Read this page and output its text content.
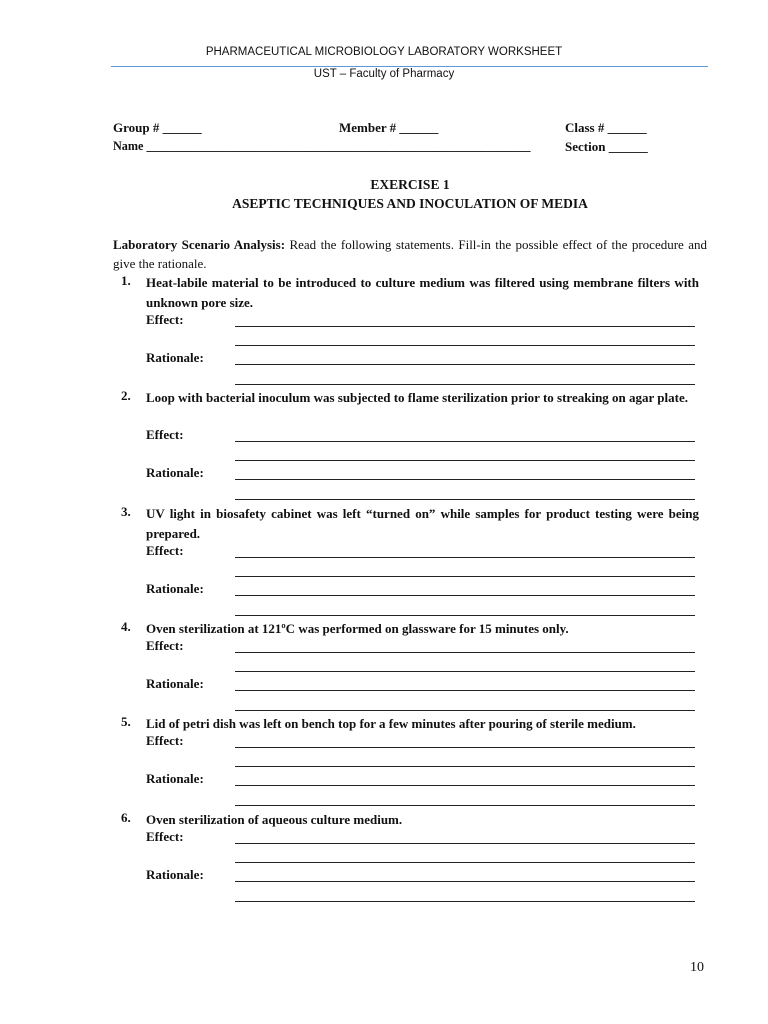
PHARMACEUTICAL MICROBIOLOGY LABORATORY WORKSHEET
UST – Faculty of Pharmacy
Group # ______	Member # ______	Class # ______
Name _______________________________________________________________	Section ______
EXERCISE 1
ASEPTIC TECHNIQUES AND INOCULATION OF MEDIA
Laboratory Scenario Analysis: Read the following statements. Fill-in the possible effect of the procedure and give the rationale.
1. Heat-labile material to be introduced to culture medium was filtered using membrane filters with unknown pore size.
Effect:
Rationale:
2. Loop with bacterial inoculum was subjected to flame sterilization prior to streaking on agar plate.
Effect:
Rationale:
3. UV light in biosafety cabinet was left “turned on” while samples for product testing were being prepared.
Effect:
Rationale:
4. Oven sterilization at 121ºC was performed on glassware for 15 minutes only.
Effect:
Rationale:
5. Lid of petri dish was left on bench top for a few minutes after pouring of sterile medium.
Effect:
Rationale:
6. Oven sterilization of aqueous culture medium.
Effect:
Rationale:
10
